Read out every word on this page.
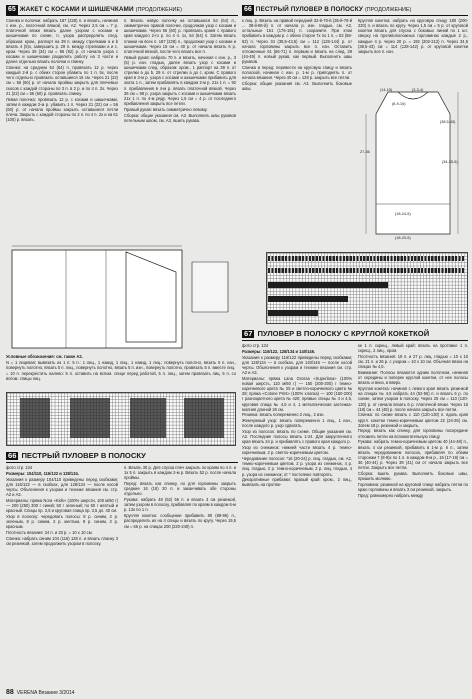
65 ЖАКЕТ С КОСАМИ И ШИШЕЧКАМИ (ПРОДОЛЖЕНИЕ)

Спинка и полочки: набрать 187 (228) п. и вязать, начиная с изн. р., платочной вязкой, см. А2. Через 2,5 см = 7 р. платочной вязки вязать далее узором с косами и шишечками по схеме, п. узора распределить след. образом: кром., раппорт на 39 п. между стрелками а и b вязать 4 (5)х, завершить р. 29 п. между стрелками a и c, кром. Через 35 (34) см = 96 (92) р. от начала узора с косами и шишечками разделить работу на 3 части и далее отдельно вязать полочки и спинку.

Спинка: на среднем 54 (64) п. провязать 12 р. через каждый 2-й р. с обеих сторон убавить по 1 п. 5х, после чего отдельно провязать оставшиеся 16 см. Через 21 (22) см = 56 (60) р. от начала проймы закрыть для плечевых скосов с каждой стороны по 3 п. в 2 р. и по 4 п. 2х. Через 21 (22) см = 56 (60) р. провязать спинку.

Левая полочка: провязать 12 р. с косами и шишечками, затем в каждом 2-м р. убавить 1 п. Через 21 (22) см = 56 (60) р. от начала проймы закрыть оставшиеся петли плеча. Закрыть с каждой стороны по 3 п. по 4 п. 2х и на 61 (100) р. вязать.

п. Вязать новую полочку на оставшихся 54 (64) п., симметрично правой полочке, продолжая узор с косами и шишечками. Через 56 (60) р. провязать краев с правого края каждого 2-го р. по 4 п. 1х, 54 (64) п. Затем вязать планки на всех п. 187 (228) п., продолжая узор с косами и шишечками. Через 15 см = 40 р. от начала вязать 6 р. платочной вязкой, после чего вязать все п.

Левый рукав: набрать 70 п. и вязать, начиная с изн. р., 3 (5) р. изн. гладью, далее вязать узор с косами и шишечками след. образом: кром., 1 раппорт на 39 п. от стрелки а до b, 29 п. от стрелки a до c, кром. С правого края в 3-м р. узора с косами и шишечками прибавить для оката 1 п., затем прибавлять в каждом 2-м р. 21х 1 п. = 92 п. прибавления в 4-м р. вязать платочной вязкой. Через 36 см = 98 р. узора закрыть с косами и шишечками вязать 21х 1 п. по 4-м ряду. Через 1,5 см = 4 р. от последнего прибавления закрыть все петли.

Правый рукав: вязать симметрично левому.

Сборка: общие указания см. А3. Выполнить швы рукавов петельным швом, см. А3, вшить рукава.

Условные обозначения: см. также А2.

N = 1 лицевая; вывязать из 1 п. 5 п.: 1 лиц., 1 накид, 1 лиц., 1 накид, 1 лиц.; повернуть полотно, вязать 5 п. изн., повернуть полотно, вязать 5 п. лиц., повернуть полотно, вязать 5 п. изн., повернуть полотно, провязать 5 п. вместе лиц.

= 10 п. перекрестить налево: 5 п. оставить на вспом. спице перед работой, 5 п. лиц., затем провязать лиц. 5 п. со вспом. спицы лиц.

66 ПЕСТРЫЙ ПУЛОВЕР В ПОЛОСКУ

фото стр. 134

Размеры: 104/110, 116/122 и 128/134.

Указания к размеру 104/110 приведены перед скобками; для 116/122 — в скобках, для 128/134 — после косой черты. Объяснения к узорам и технике вязания см. стр. А2 и А3.

Материалы: пряжа Nora «Kids» (100% шерсти, 100 м/50 г) — 200 (250) 300 г синий; 50 г зеленый; по 50 г желтый и красный. Спицы пр. 3,5 и круговая спица пр. 3,5 дл. 40 см.

Узор в полоску: чередовать полосы: 8 р. синим, 2 р. зеленым, 8 р. синим, 2 р. желтым, 8 р. синим, 2 р. красным.

Плотность вязания: 24 п. и 33 р. = 10 х 10 см.

Спинка: набрать синим 104 (116) 128 п. и вязать планку 3 см резинкой, затем продолжить узором в полоску.

п. Вязать 30 р. Для спуска плеч закрыть по краям по 4 п. и 1х 5 п. закрыть в каждом 2-м р. Вязать 52 р. после начала проймы.

Перед: вязать как спинку, но для горловины закрыть средние 16 (18) 20 п. и заканчивать обе стороны отдельно.

Рукава: набрать 48 (52) 56 п. и вязать 3 см резинкой, затем узором в полоску, прибавляя по краям в каждом 6-м р. 13х по 1 п.

Кругляя кокетка: сообщение прибавить 80 (88-96) п., распределить их на 4 спицы и вязать по кругу. Через 19,5 см = 66 р. на спицах 200 (220-240) п.

66 ПЕСТРЫЙ ПУЛОВЕР В ПОЛОСКУ (ПРОДОЛЖЕНИЕ)

к лиц. р. Вязать на правой передней 32-й-70-й (35-й-78-й ... 38-й-86-й) п. от начала р. изн. гладью, см. А2, остальные 161 (176-191) п. сохраните. При этом прибавить в каждом р. с обеих сторон 7х по 1 п. = 53 (58-63) п. Через 34 (38,5-43,5) см = 112 (128-144) р. от начала горловины закрыть все п. изн. Оставить отложенные 61 (66-71) п. первым и вязать на след. 39 (44-49) п. новый рукав, как первый. Выполнить швы рукавов.

Спинка и перед: перевести на круговую спицу и вязать полоской, начиная с изн. р. 1-м р. приподнять п. от начала вязания. Через 40 см = 128 р. закрыть все петли.

Сборка: общие указания см. А3. Выполнить боковые швы.

Кругляя кокетка: набрать на круговую спицу 180 (200-220) п. и вязать по кругу. Через 1,5 см = 5 р. от круговой кокетки вязать для спуска с боковых линий по 1 шт. сверху на противоположных горловинах каждые 2 р., каждые 4 р. через 20 р. = 192 (202-212) п. Через 34,5 (38,5-43) см = 114 (128-142) р. от круговой кокетки закрыть все п. изн.

(14-15)	(3-3-4)
(8-9-10)
27-36
(34-35-5)
(18-24-5)
(18-20-5)
(38,5-43)
67 ПУЛОВЕР В ПОЛОСКУ С КРУГЛОЙ КОКЕТКОЙ

фото стр. 134

Размеры: 116/122, 128/134 и 140/146.

Указания к размеру 116/122 приведены перед скобками; для 128/134 — в скобках, для 140/146 — после косой черты. Объяснения к узорам и технике вязания см. стр. А2 и А3.

Материалы: пряжа Lana Grossa «Superlana» (100% новая шерсть, 110 м/50 г) — 150 (200-200) г темно-коричневого цвета № 25 и светло-коричневого цвета № 29; пряжа «Cotone Print» (100% хлопка) — 100 (150-200) г разноцветного цвета № 420; прямые спицы № 4 и 4,5, круговая спица № 4,5 и 4, 1 металлическая застежка-молния длиной 26 см.

Резинка: вязать попеременно 2 лиц., 2 изн.

Жемчужный узор: вязать попеременно 1 лиц., 1 изн., после каждого р. узор сдвигать.

Узор из полосок: вязать по схеме. Общие указания см. А2. Последние полосы вязать 1-24. Для закругленного края вязать 24 р. и прибавлять с правого края каждого р.

Узор из снежинок: нижней части вязать 4 р. темно-коричневым, 2 р. светло-коричневым цветом.

Чередование полосок: *16 (20-24) р. лиц. гладью, см. А2, темно-коричневым цветом, 2 р. узора из снежинок, 4 р. лиц. гладью, 2 р. темно-коричневым, 2 р. лиц. гладью, 4 р. узора из снежинок; от * постоянно повторять.

Декоративные прибавки: правый край: кром., 2 лиц., вывязать на протяж-

ке 1 п. скрещ., левый край: вязать на протяжке 1 п. скрещ., 2 лиц., кром.

Плотность вязания: 19 п. и 27 р. лиц. гладью = 10 х 10 см, 21 п. и 26 р. с узором = 10 х 10 см. Обычная вязка на спицах № 4,5.

Внимание: Полосы вязаются одним полотном, начиная от середины и поперек круглой кокетки, от нее полосы вязать и вниз, и вверх.

Круглая кокетка: начиная с левого края вязать резинкой на спицах № 4,5 набрать 44 (52-56) п. и вязать 6 р. по схеме, затем узором в полоску. Через 25 см = 110 (120-130) р. от начала вязать 6 р. платочной вязки. Через 16 (18) см = 44 (48) р. после начала закрыть все петли.

Спинка: по схеме вязать с 110 (120-130) п. вдоль края кругл. кокетки темно-коричневым цветом 22 (24-26) см. Затем 18 р. резинкой и закрыть.

Перед: вязать как спинку, для горловины посередине отложить петли на вспомогательную спицу.

Рукава: набрать темно-коричневым цветом 40 (44-48) п., вязать 4 см резинкой, прибавить в 1-м р. 6 п., затем вязать чередованием полосок, прибавляя по обеим сторонам 7 (8-9)х по 1 п. в каждом 8-м р., 15 (17-19) см = 36 (40-44) р. Через 39 (41) см от начала закрыть все петли. Закрыть все петли.

Сборка: вшить рукава. Выполнить боковые швы, пришить молнию.

Горловина: резинкой на круговой спице набрать петли по краю горловины и вязать 3 см резинкой, закрыть.

Пред: равномерно набрать между

88 VERENA Вязание 3/2014
